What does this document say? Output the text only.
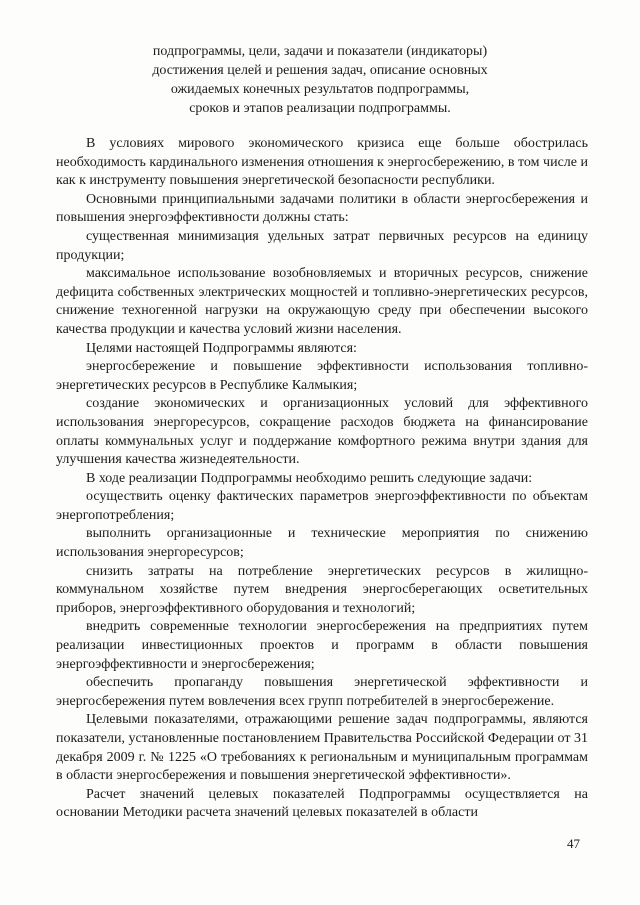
подпрограммы, цели, задачи и показатели (индикаторы)
достижения целей и решения задач, описание основных
ожидаемых конечных результатов подпрограммы,
сроков и этапов реализации подпрограммы.

В условиях мирового экономического кризиса еще больше обострилась необходимость кардинального изменения отношения к энергосбережению, в том числе и как к инструменту повышения энергетической безопасности республики.

Основными принципиальными задачами политики в области энергосбережения и повышения энергоэффективности должны стать:

существенная минимизация удельных затрат первичных ресурсов на единицу продукции;

максимальное использование возобновляемых и вторичных ресурсов, снижение дефицита собственных электрических мощностей и топливно-энергетических ресурсов, снижение техногенной нагрузки на окружающую среду при обеспечении высокого качества продукции и качества условий жизни населения.

Целями настоящей Подпрограммы являются:

энергосбережение и повышение эффективности использования топливно-энергетических ресурсов в Республике Калмыкия;

создание экономических и организационных условий для эффективного использования энергоресурсов, сокращение расходов бюджета на финансирование оплаты коммунальных услуг и поддержание комфортного режима внутри здания для улучшения качества жизнедеятельности.

В ходе реализации Подпрограммы необходимо решить следующие задачи:

осуществить оценку фактических параметров энергоэффективности по объектам энергопотребления;

выполнить организационные и технические мероприятия по снижению использования энергоресурсов;

снизить затраты на потребление энергетических ресурсов в жилищно-коммунальном хозяйстве путем внедрения энергосберегающих осветительных приборов, энергоэффективного оборудования и технологий;

внедрить современные технологии энергосбережения на предприятиях путем реализации инвестиционных проектов и программ в области повышения энергоэффективности и энергосбережения;

обеспечить пропаганду повышения энергетической эффективности и энергосбережения путем вовлечения всех групп потребителей в энергосбережение.

Целевыми показателями, отражающими решение задач подпрограммы, являются показатели, установленные постановлением Правительства Российской Федерации от 31 декабря 2009 г. № 1225 «О требованиях к региональным и муниципальным программам в области энергосбережения и повышения энергетической эффективности».

Расчет значений целевых показателей Подпрограммы осуществляется на основании Методики расчета значений целевых показателей в области

47
